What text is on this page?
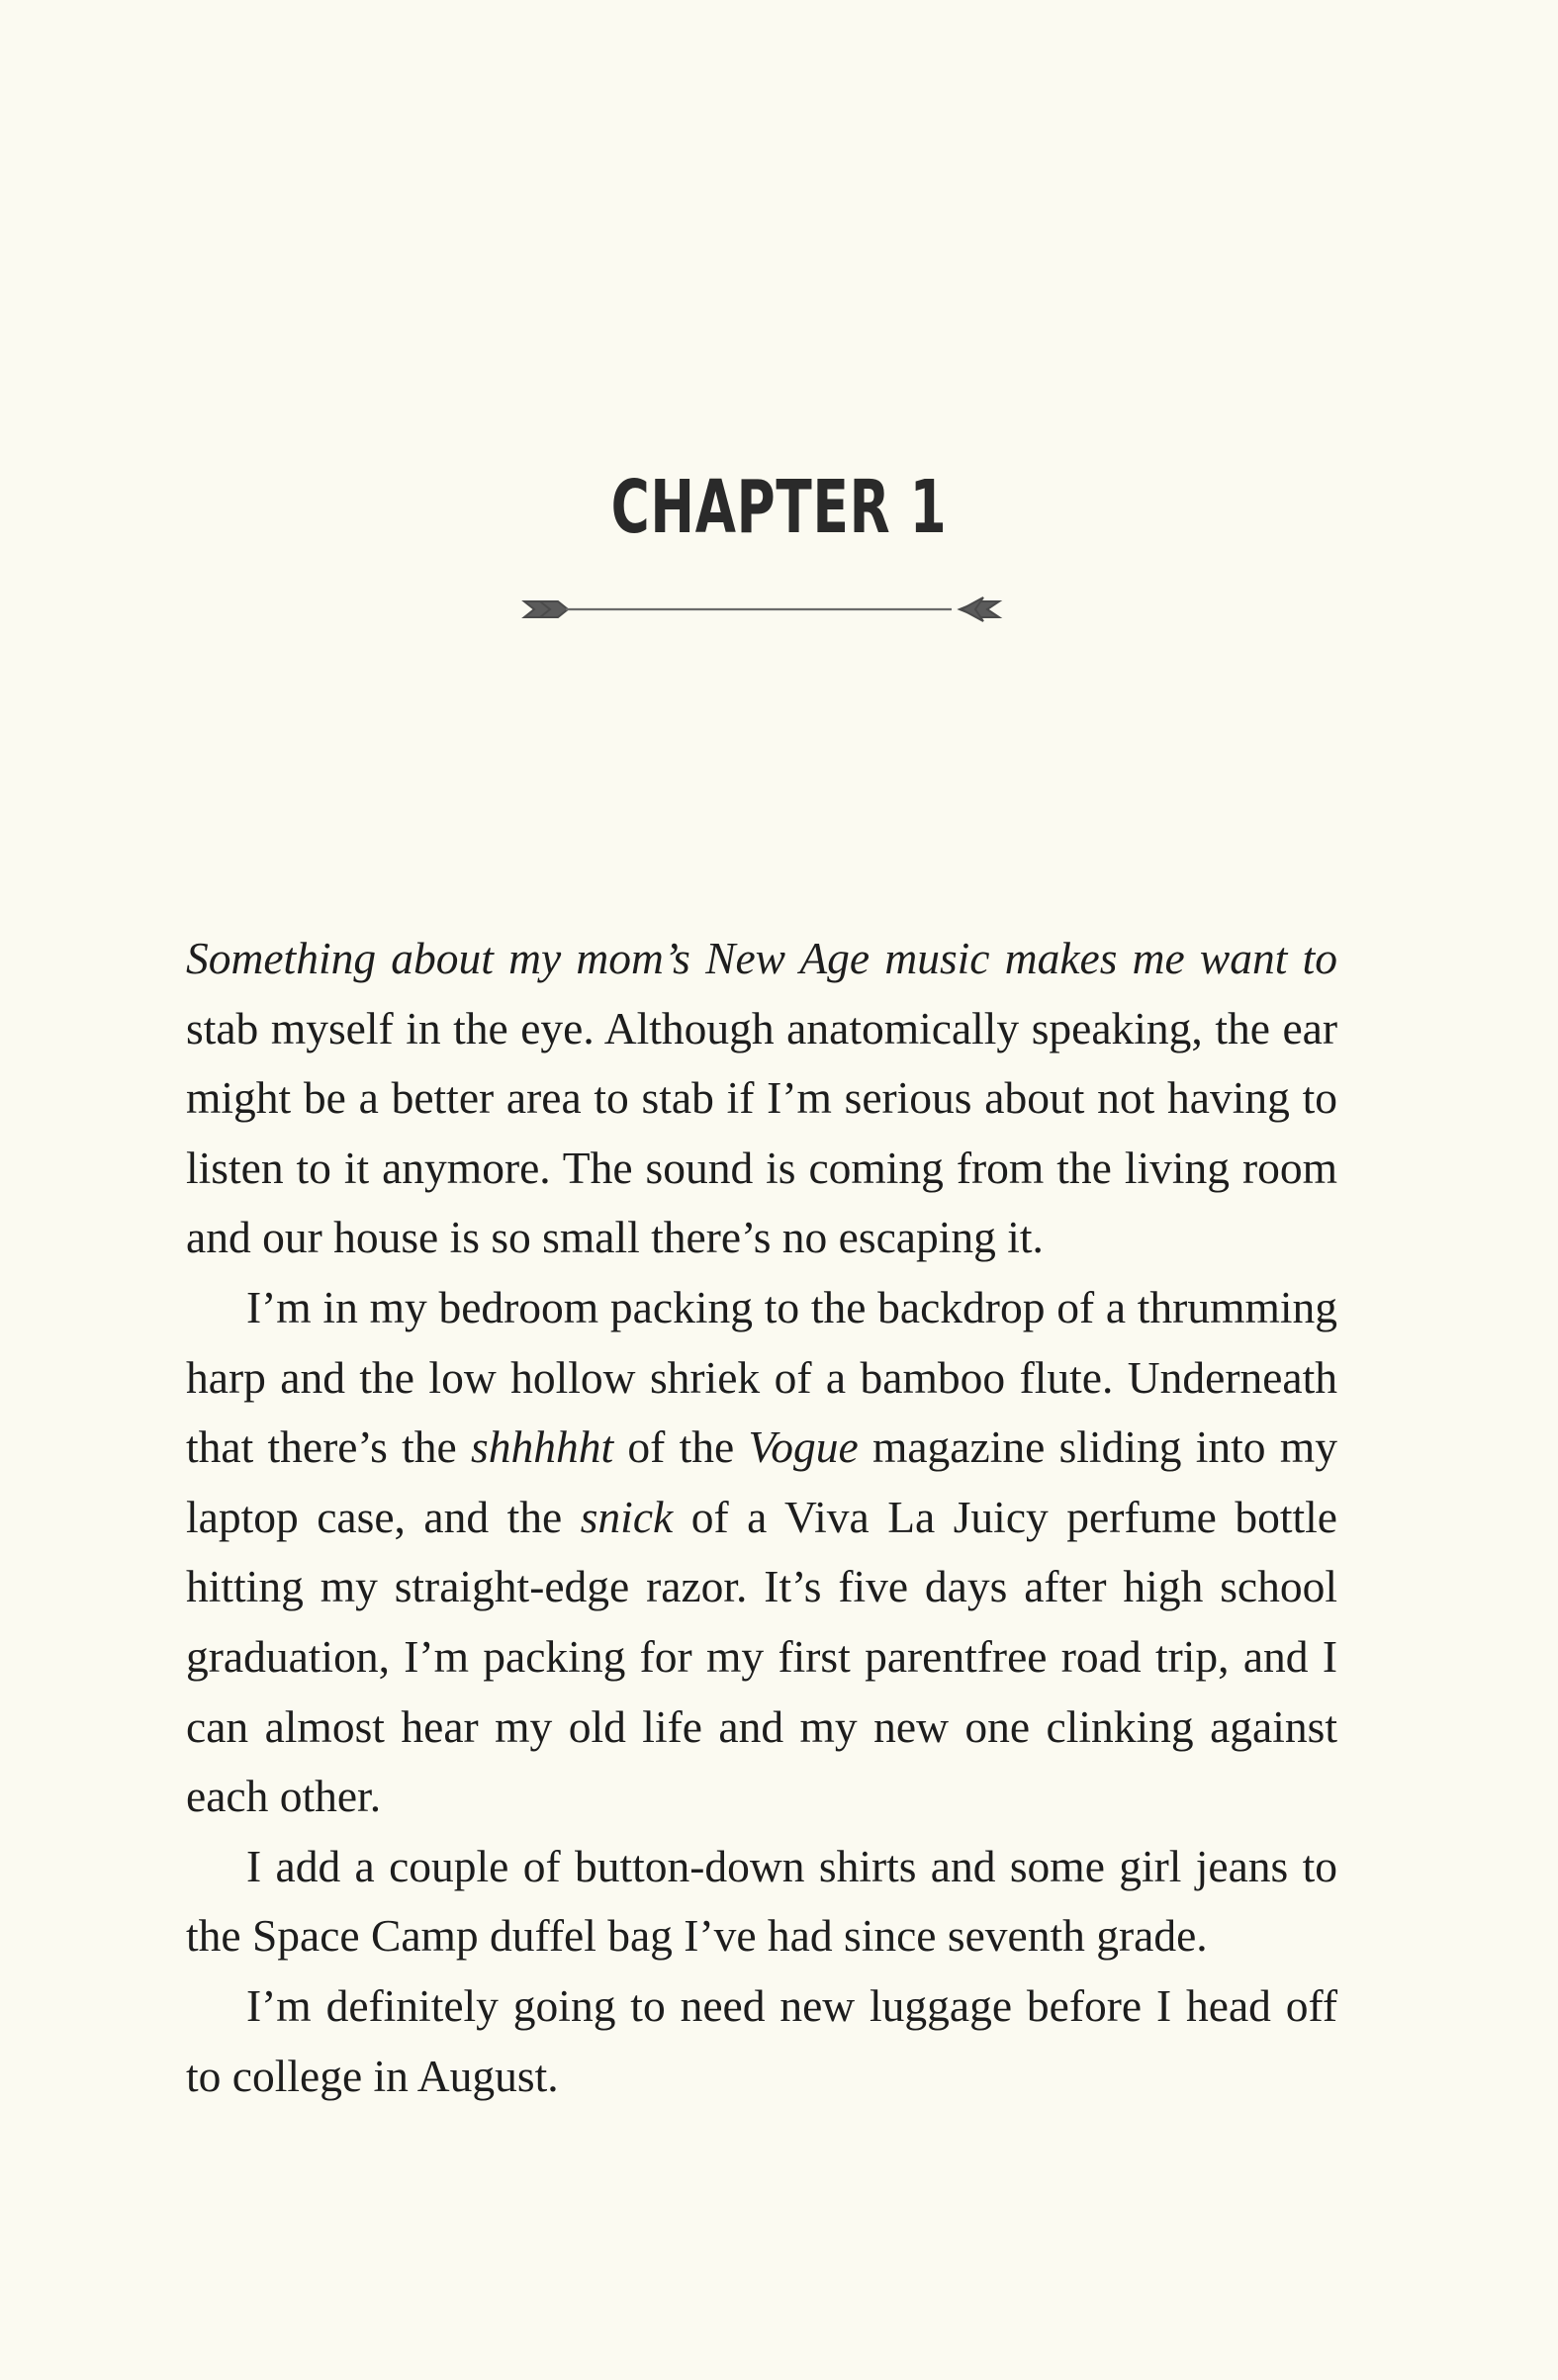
CHAPTER 1

Something about my mom’s New Age music makes me want to stab myself in the eye. Although anatomically speaking, the ear might be a better area to stab if I’m serious about not having to listen to it anymore. The sound is coming from the living room and our house is so small there’s no escaping it.

I’m in my bedroom packing to the backdrop of a thrumming harp and the low hollow shriek of a bamboo flute. Underneath that there’s the shhhhht of the Vogue magazine sliding into my laptop case, and the snick of a Viva La Juicy perfume bottle hitting my straight-edge razor. It’s five days after high school graduation, I’m packing for my first parentfree road trip, and I can almost hear my old life and my new one clinking against each other.

I add a couple of button-down shirts and some girl jeans to the Space Camp duffel bag I’ve had since seventh grade.

I’m definitely going to need new luggage before I head off to college in August.
